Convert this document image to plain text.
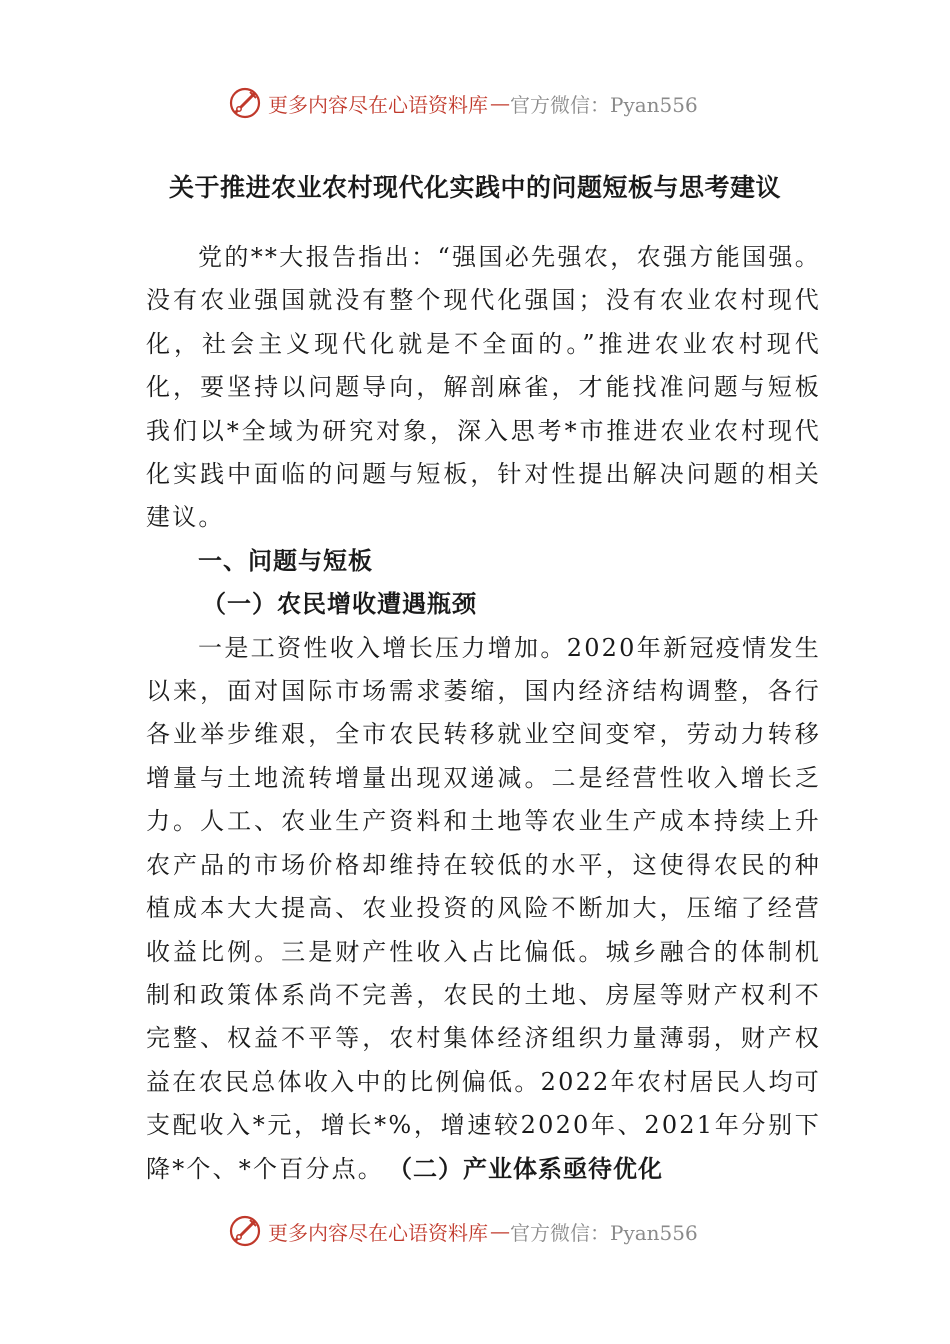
更多内容尽在心语资料库 — 官方微信：Pyan556
关于推进农业农村现代化实践中的问题短板与思考建议

党的**大报告指出：“强国必先强农，农强方能国强。没有农业强国就没有整个现代化强国；没有农业农村现代化，社会主义现代化就是不全面的。”推进农业农村现代化，要坚持以问题导向，解剖麻雀，才能找准问题与短板我们以*全域为研究对象，深入思考*市推进农业农村现代化实践中面临的问题与短板，针对性提出解决问题的相关建议。

一、问题与短板

（一）农民增收遭遇瓶颈

一是工资性收入增长压力增加。2020年新冠疫情发生以来，面对国际市场需求萎缩，国内经济结构调整，各行各业举步维艰，全市农民转移就业空间变窄，劳动力转移增量与土地流转增量出现双递减。二是经营性收入增长乏力。人工、农业生产资料和土地等农业生产成本持续上升农产品的市场价格却维持在较低的水平，这使得农民的种植成本大大提高、农业投资的风险不断加大，压缩了经营收益比例。三是财产性收入占比偏低。城乡融合的体制机制和政策体系尚不完善，农民的土地、房屋等财产权利不完整、权益不平等，农村集体经济组织力量薄弱，财产权益在农民总体收入中的比例偏低。2022年农村居民人均可支配收入*元，增长*%，增速较2020年、2021年分别下降*个、*个百分点。 （二）产业体系亟待优化

更多内容尽在心语资料库 — 官方微信：Pyan556
